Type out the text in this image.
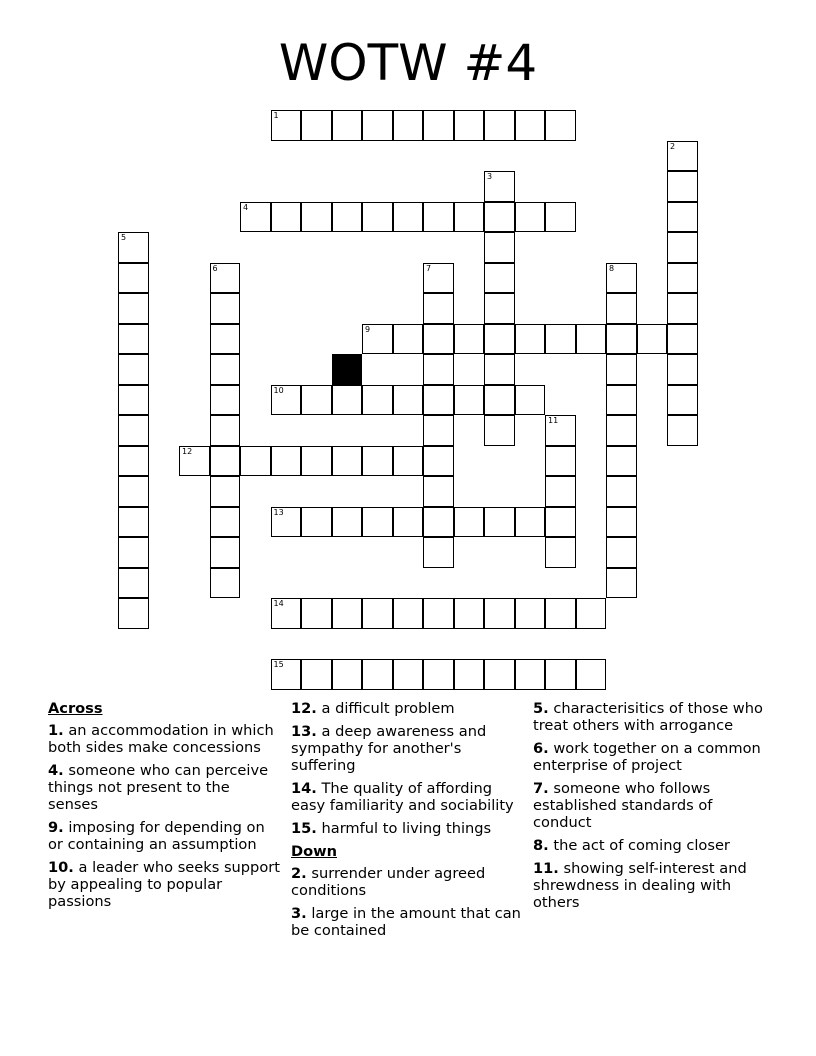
WOTW #4
1
2
3
4
5
6	7	8
9
10
11
12
13
14
15
Across
1. an accommodation in which both sides make concessions
4. someone who can perceive things not present to the senses
9. imposing for depending on or containing an assumption
10. a leader who seeks support by appealing to popular passions
12. a difficult problem
13. a deep awareness and sympathy for another's suffering
14. The quality of affording easy familiarity and sociability
15. harmful to living things
Down
2. surrender under agreed conditions
3. large in the amount that can be contained
5. characterisitics of those who treat others with arrogance
6. work together on a common enterprise of project
7. someone who follows established standards of conduct
8. the act of coming closer
11. showing self-interest and shrewdness in dealing with others
